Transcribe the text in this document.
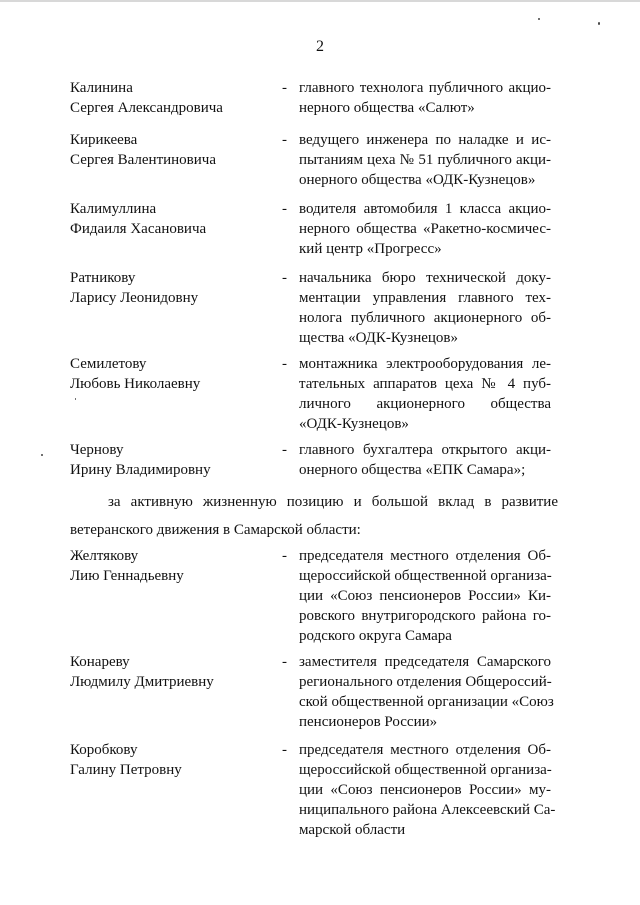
2
Калинина
Сергея Александровича
- главного технолога публичного акцио-
нерного общества «Салют»
Кирикеева
Сергея Валентиновича
- ведущего инженера по наладке и ис-
пытаниям цеха № 51 публичного акци-
онерного общества «ОДК-Кузнецов»
Калимуллина
Фидаиля Хасановича
- водителя автомобиля 1 класса акцио-
нерного общества «Ракетно-космичес-
кий центр «Прогресс»
Ратникову
Ларису Леонидовну
- начальника бюро технической доку-
ментации управления главного тех-
нолога публичного акционерного об-
щества «ОДК-Кузнецов»
Семилетову
Любовь Николаевну
- монтажника электрооборудования ле-
тательных аппаратов цеха № 4 пуб-
личного акционерного общества
«ОДК-Кузнецов»
Чернову
Ирину Владимировну
- главного бухгалтера открытого акци-
онерного общества «ЕПК Самара»;
за активную жизненную позицию и большой вклад в развитие
ветеранского движения в Самарской области:
Желтякову
Лию Геннадьевну
- председателя местного отделения Об-
щероссийской общественной организа-
ции «Союз пенсионеров России» Ки-
ровского внутригородского района го-
родского округа Самара
Конареву
Людмилу Дмитриевну
- заместителя председателя Самарского
регионального отделения Общероссий-
ской общественной организации «Союз
пенсионеров России»
Коробкову
Галину Петровну
- председателя местного отделения Об-
щероссийской общественной организа-
ции «Союз пенсионеров России» му-
ниципального района Алексеевский Са-
марской области
